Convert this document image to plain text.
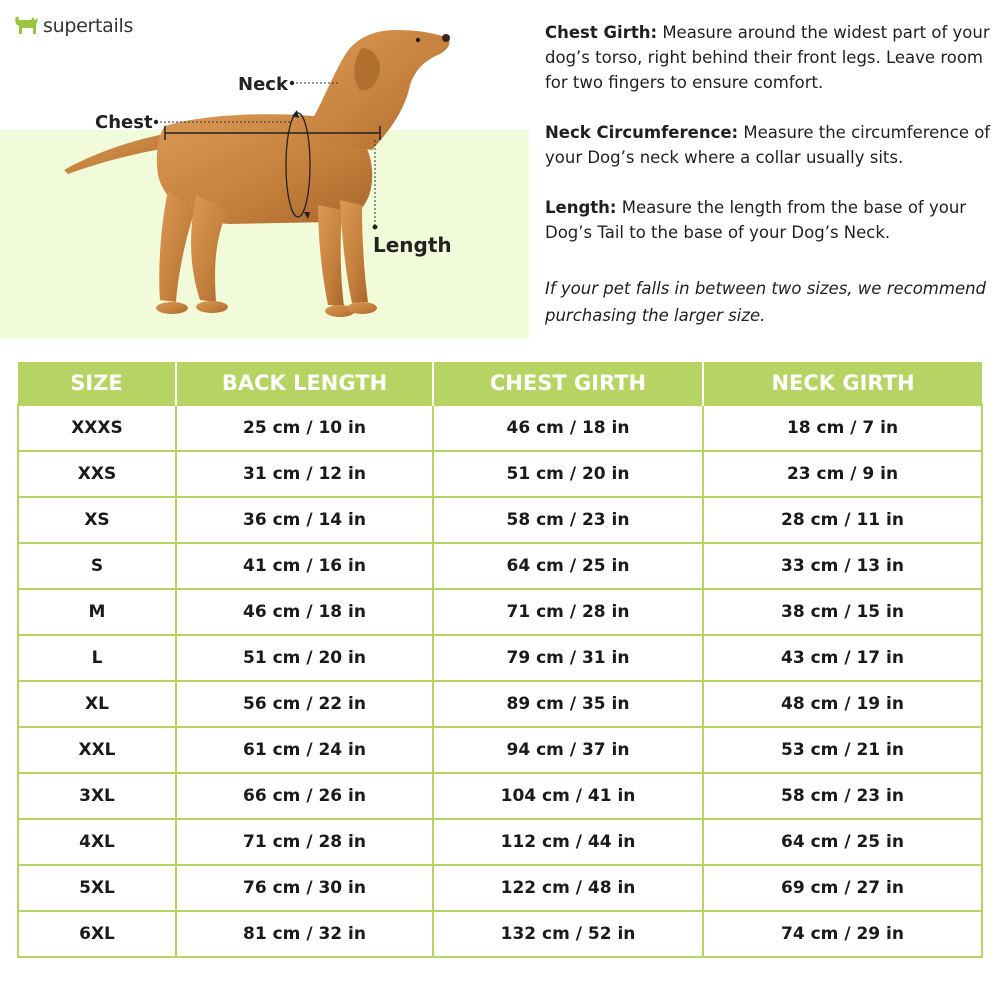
supertails
Neck
Chest
Length

Chest Girth: Measure around the widest part of your dog’s torso, right behind their front legs. Leave room for two fingers to ensure comfort.

Neck Circumference: Measure the circumference of your Dog’s neck where a collar usually sits.

Length: Measure the length from the base of your Dog’s Tail to the base of your Dog’s Neck.

If your pet falls in between two sizes, we recommend purchasing the larger size.

SIZE	BACK LENGTH	CHEST GIRTH	NECK GIRTH
XXXS	25 cm / 10 in	46 cm / 18 in	18 cm / 7 in
XXS	31 cm / 12 in	51 cm / 20 in	23 cm / 9 in
XS	36 cm / 14 in	58 cm / 23 in	28 cm / 11 in
S	41 cm / 16 in	64 cm / 25 in	33 cm / 13 in
M	46 cm / 18 in	71 cm / 28 in	38 cm / 15 in
L	51 cm / 20 in	79 cm / 31 in	43 cm / 17 in
XL	56 cm / 22 in	89 cm / 35 in	48 cm / 19 in
XXL	61 cm / 24 in	94 cm / 37 in	53 cm / 21 in
3XL	66 cm / 26 in	104 cm / 41 in	58 cm / 23 in
4XL	71 cm / 28 in	112 cm / 44 in	64 cm / 25 in
5XL	76 cm / 30 in	122 cm / 48 in	69 cm / 27 in
6XL	81 cm / 32 in	132 cm / 52 in	74 cm / 29 in
